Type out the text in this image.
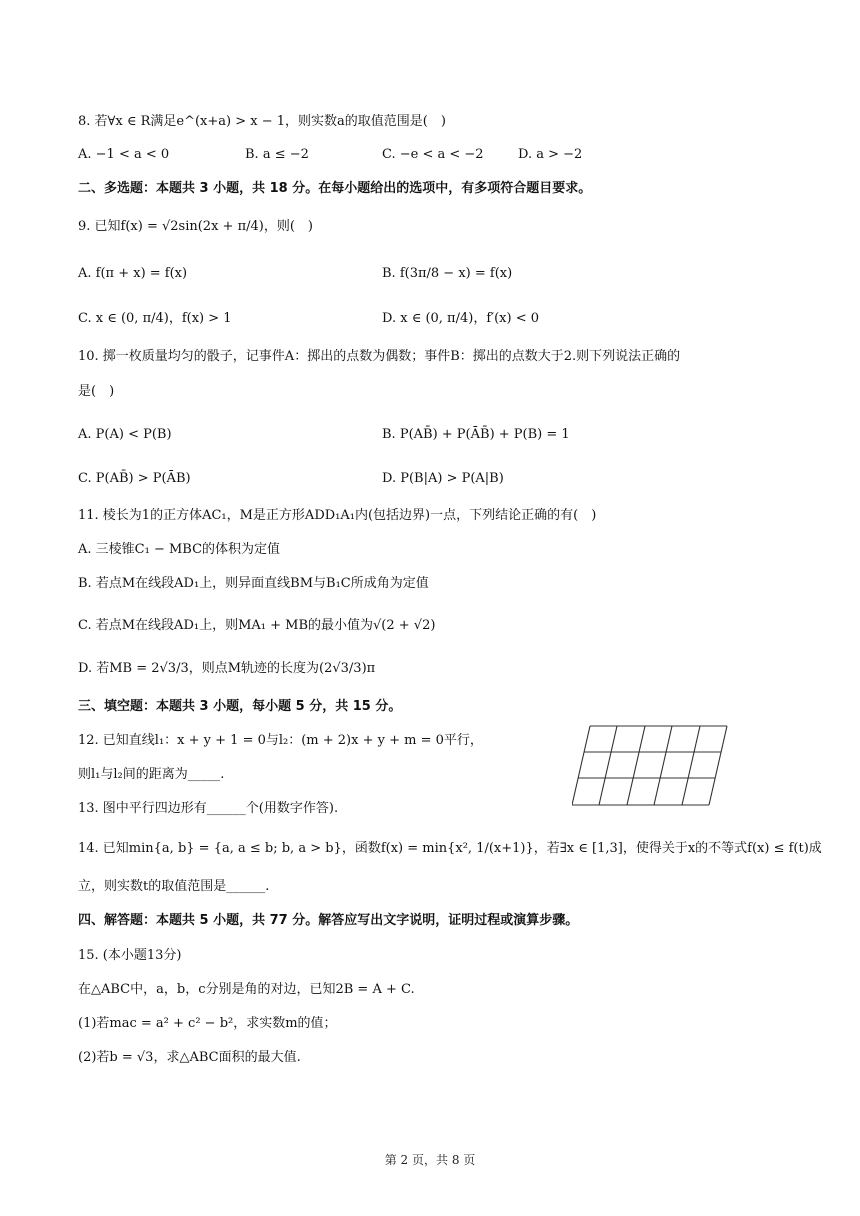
8. 若∀x ∈ R满足e^(x+a) > x − 1，则实数a的取值范围是(　)
A. −1 < a < 0	B. a ≤ −2	C. −e < a < −2	D. a > −2
二、多选题：本题共 3 小题，共 18 分。在每小题给出的选项中，有多项符合题目要求。
9. 已知f(x) = √2sin(2x + π/4)，则(　)
A. f(π + x) = f(x)	B. f(3π/8 − x) = f(x)
C. x ∈ (0, π/4)，f(x) > 1	D. x ∈ (0, π/4)，f′(x) < 0
10. 掷一枚质量均匀的骰子，记事件A：掷出的点数为偶数；事件B：掷出的点数大于2.则下列说法正确的
是(　)
A. P(A) < P(B)	B. P(AB̄) + P(ĀB̄) + P(B) = 1
C. P(AB̄) > P(ĀB)	D. P(B|A) > P(A|B)
11. 棱长为1的正方体AC₁，M是正方形ADD₁A₁内(包括边界)一点，下列结论正确的有(　)
A. 三棱锥C₁ − MBC的体积为定值
B. 若点M在线段AD₁上，则异面直线BM与B₁C所成角为定值
C. 若点M在线段AD₁上，则MA₁ + MB的最小值为√(2 + √2)
D. 若MB = 2√3/3，则点M轨迹的长度为(2√3/3)π
三、填空题：本题共 3 小题，每小题 5 分，共 15 分。
12. 已知直线l₁：x + y + 1 = 0与l₂：(m + 2)x + y + m = 0平行，
则l₁与l₂间的距离为_____.
13. 图中平行四边形有______个(用数字作答).
14. 已知min{a, b} = {a, a ≤ b; b, a > b}，函数f(x) = min{x², 1/(x+1)}，若∃x ∈ [1,3]，使得关于x的不等式f(x) ≤ f(t)成
立，则实数t的取值范围是______.
四、解答题：本题共 5 小题，共 77 分。解答应写出文字说明，证明过程或演算步骤。
15. (本小题13分)
在△ABC中，a，b，c分别是角的对边，已知2B = A + C.
(1)若mac = a² + c² − b²，求实数m的值；
(2)若b = √3，求△ABC面积的最大值.
第 2 页，共 8 页
